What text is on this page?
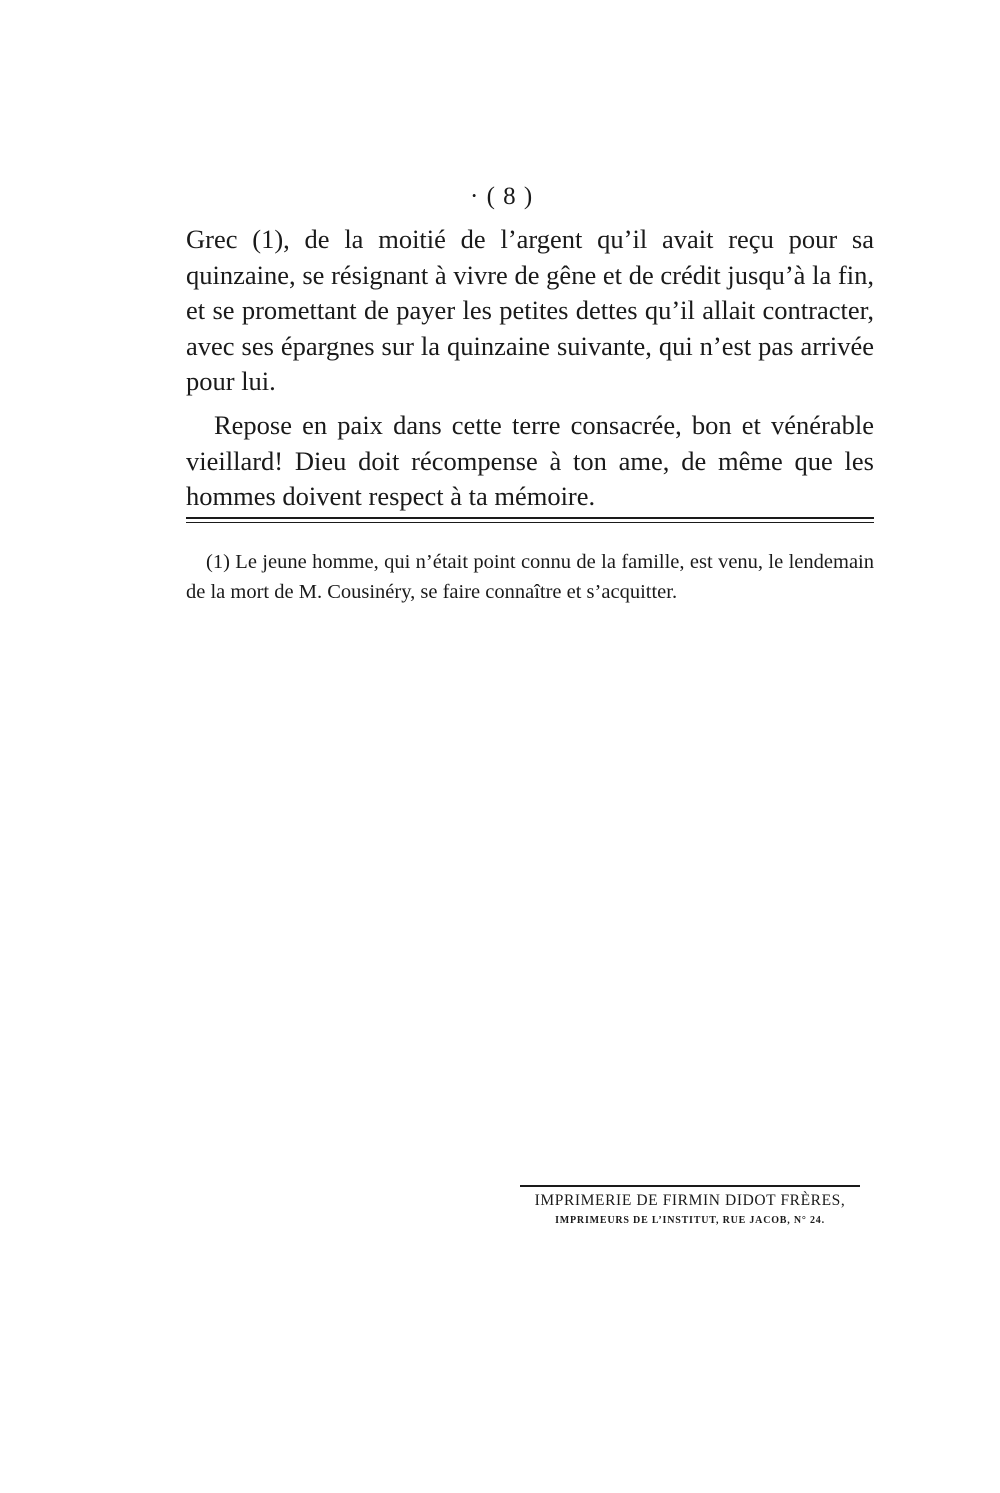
· ( 8 )

Grec (1), de la moitié de l’argent qu’il avait reçu pour sa quinzaine, se résignant à vivre de gêne et de crédit jusqu’à la fin, et se promettant de payer les petites dettes qu’il allait contracter, avec ses épargnes sur la quinzaine suivante, qui n’est pas arrivée pour lui.

Repose en paix dans cette terre consacrée, bon et vénérable vieillard! Dieu doit récompense à ton ame, de même que les hommes doivent respect à ta mémoire.

(1) Le jeune homme, qui n’était point connu de la famille, est venu, le lendemain de la mort de M. Cousinéry, se faire connaître et s’acquitter.

IMPRIMERIE DE FIRMIN DIDOT FRÈRES,
IMPRIMEURS DE L’INSTITUT, RUE JACOB, N° 24.
